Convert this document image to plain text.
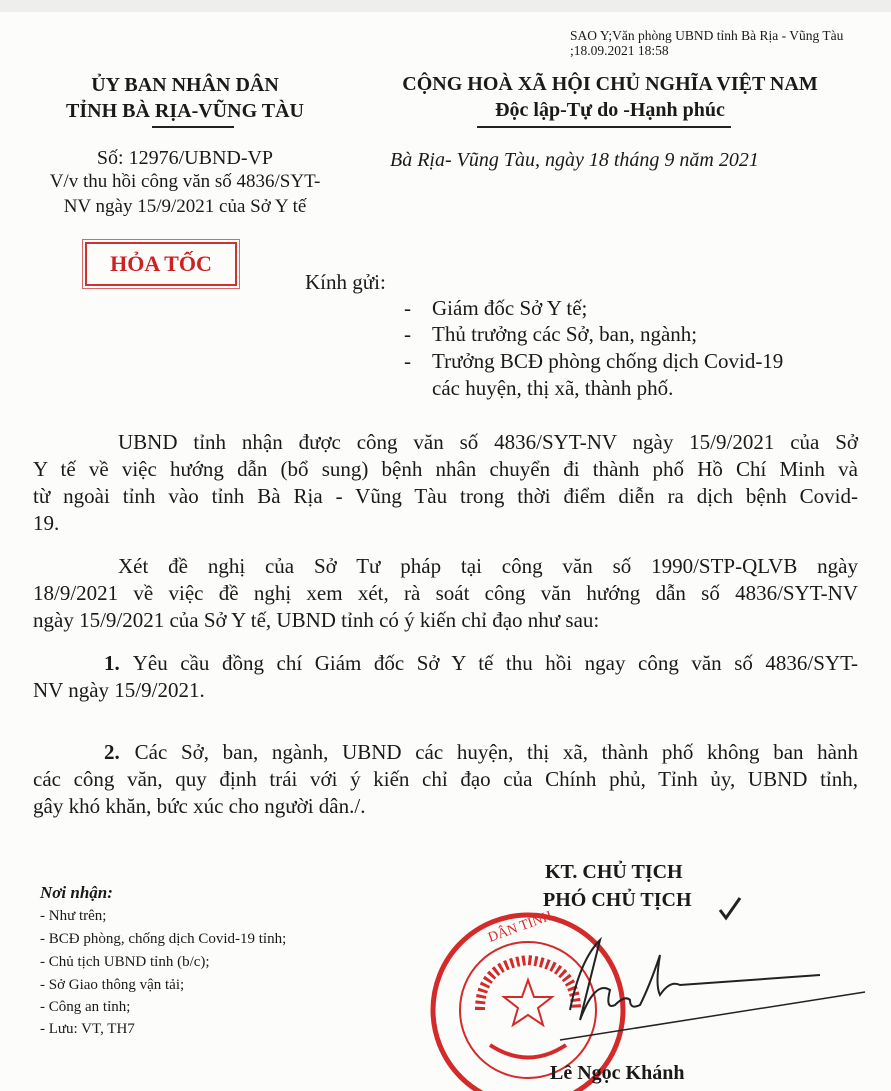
SAO Y;Văn phòng UBND tỉnh Bà Rịa - Vũng Tàu
;18.09.2021 18:58
ỦY BAN NHÂN DÂN
TỈNH BÀ RỊA-VŨNG TÀU
CỘNG HOÀ XÃ HỘI CHỦ NGHĨA VIỆT NAM
Độc lập-Tự do -Hạnh phúc
Số: 12976/UBND-VP
V/v thu hồi công văn số 4836/SYT-
NV ngày 15/9/2021 của Sở Y tế
Bà Rịa- Vũng Tàu, ngày 18 tháng 9 năm 2021
HỎA TỐC
Kính gửi:
- Giám đốc Sở Y tế;
- Thủ trưởng các Sở, ban, ngành;
- Trưởng BCĐ phòng chống dịch Covid-19
các huyện, thị xã, thành phố.
UBND tỉnh nhận được công văn số 4836/SYT-NV ngày 15/9/2021 của Sở
Y tế về việc hướng dẫn (bổ sung) bệnh nhân chuyển đi thành phố Hồ Chí Minh và
từ ngoài tỉnh vào tỉnh Bà Rịa - Vũng Tàu trong thời điểm diễn ra dịch bệnh Covid-
19.
Xét đề nghị của Sở Tư pháp tại công văn số 1990/STP-QLVB ngày
18/9/2021 về việc đề nghị xem xét, rà soát công văn hướng dẫn số 4836/SYT-NV
ngày 15/9/2021 của Sở Y tế, UBND tỉnh có ý kiến chỉ đạo như sau:
1. Yêu cầu đồng chí Giám đốc Sở Y tế thu hồi ngay công văn số 4836/SYT-
NV ngày 15/9/2021.
2. Các Sở, ban, ngành, UBND các huyện, thị xã, thành phố không ban hành
các công văn, quy định trái với ý kiến chỉ đạo của Chính phủ, Tỉnh ủy, UBND tỉnh,
gây khó khăn, bức xúc cho người dân./.
Nơi nhận:
- Như trên;
- BCĐ phòng, chống dịch Covid-19 tỉnh;
- Chủ tịch UBND tỉnh (b/c);
- Sở Giao thông vận tải;
- Công an tỉnh;
- Lưu: VT, TH7
KT. CHỦ TỊCH
PHÓ CHỦ TỊCH
DÂN TỈNH
Lê Ngọc Khánh
